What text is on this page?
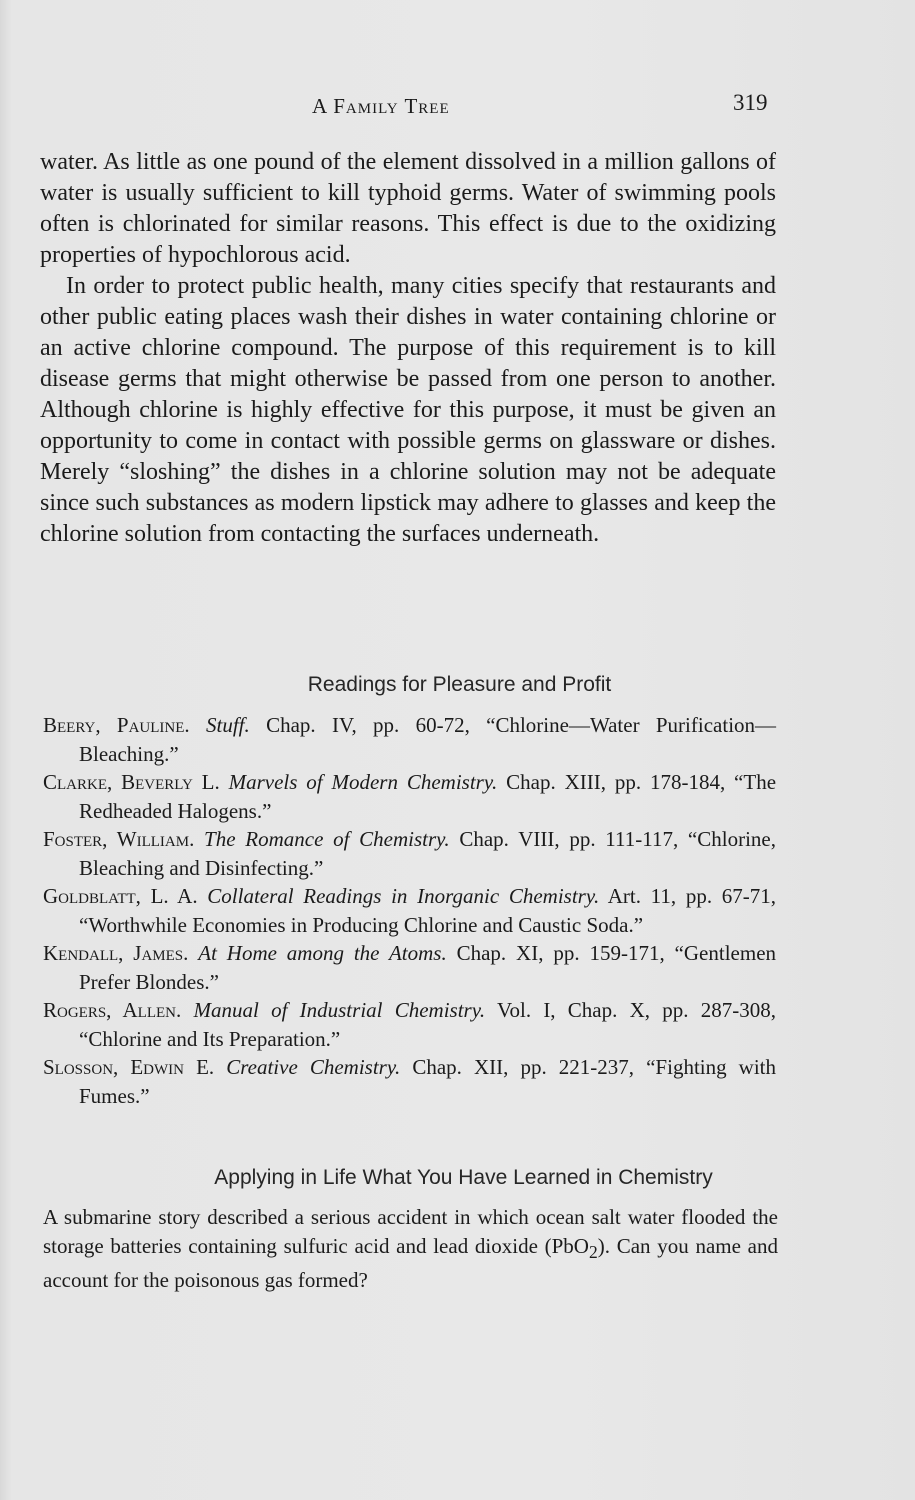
A Family Tree	319

water. As little as one pound of the element dissolved in a million gallons of water is usually sufficient to kill typhoid germs. Water of swimming pools often is chlorinated for similar reasons. This effect is due to the oxidizing properties of hypochlorous acid.

In order to protect public health, many cities specify that restaurants and other public eating places wash their dishes in water containing chlorine or an active chlorine compound. The purpose of this requirement is to kill disease germs that might otherwise be passed from one person to another. Although chlorine is highly effective for this purpose, it must be given an opportunity to come in contact with possible germs on glassware or dishes. Merely “sloshing” the dishes in a chlorine solution may not be adequate since such substances as modern lipstick may adhere to glasses and keep the chlorine solution from contacting the surfaces underneath.

Readings for Pleasure and Profit

Beery, Pauline. Stuff. Chap. IV, pp. 60-72, “Chlorine—Water Purification—Bleaching.”

Clarke, Beverly L. Marvels of Modern Chemistry. Chap. XIII, pp. 178-184, “The Redheaded Halogens.”

Foster, William. The Romance of Chemistry. Chap. VIII, pp. 111-117, “Chlorine, Bleaching and Disinfecting.”

Goldblatt, L. A. Collateral Readings in Inorganic Chemistry. Art. 11, pp. 67-71, “Worthwhile Economies in Producing Chlorine and Caustic Soda.”

Kendall, James. At Home among the Atoms. Chap. XI, pp. 159-171, “Gentlemen Prefer Blondes.”

Rogers, Allen. Manual of Industrial Chemistry. Vol. I, Chap. X, pp. 287-308, “Chlorine and Its Preparation.”

Slosson, Edwin E. Creative Chemistry. Chap. XII, pp. 221-237, “Fighting with Fumes.”

Applying in Life What You Have Learned in Chemistry

A submarine story described a serious accident in which ocean salt water flooded the storage batteries containing sulfuric acid and lead dioxide (PbO$_2$). Can you name and account for the poisonous gas formed?
